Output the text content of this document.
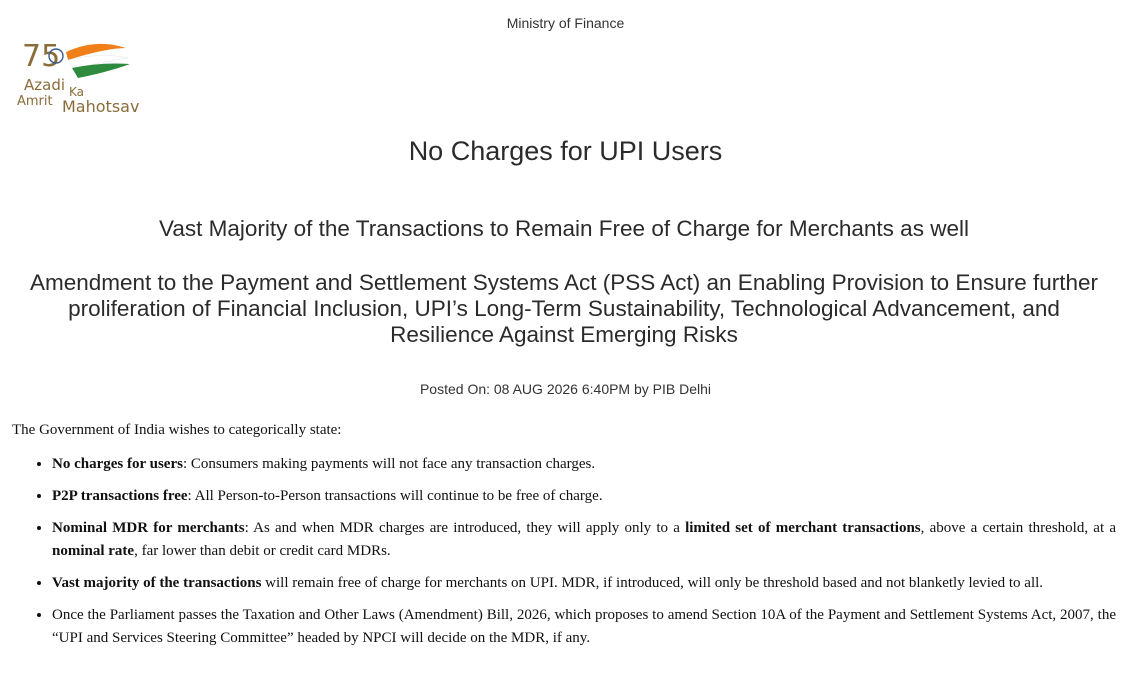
Ministry of Finance
75
Azadi Ka
Amrit Mahotsav
No Charges for UPI Users
Vast Majority of the Transactions to Remain Free of Charge for Merchants as well
Amendment to the Payment and Settlement Systems Act (PSS Act) an Enabling Provision to Ensure further proliferation of Financial Inclusion, UPI’s Long-Term Sustainability, Technological Advancement, and Resilience Against Emerging Risks
Posted On: 08 AUG 2026 6:40PM by PIB Delhi

The Government of India wishes to categorically state:

• No charges for users: Consumers making payments will not face any transaction charges.
• P2P transactions free: All Person-to-Person transactions will continue to be free of charge.
• Nominal MDR for merchants: As and when MDR charges are introduced, they will apply only to a limited set of merchant transactions, above a certain threshold, at a nominal rate, far lower than debit or credit card MDRs.
• Vast majority of the transactions will remain free of charge for merchants on UPI. MDR, if introduced, will only be threshold based and not blanketly levied to all.
• Once the Parliament passes the Taxation and Other Laws (Amendment) Bill, 2026, which proposes to amend Section 10A of the Payment and Settlement Systems Act, 2007, the “UPI and Services Steering Committee” headed by NPCI will decide on the MDR, if any.
